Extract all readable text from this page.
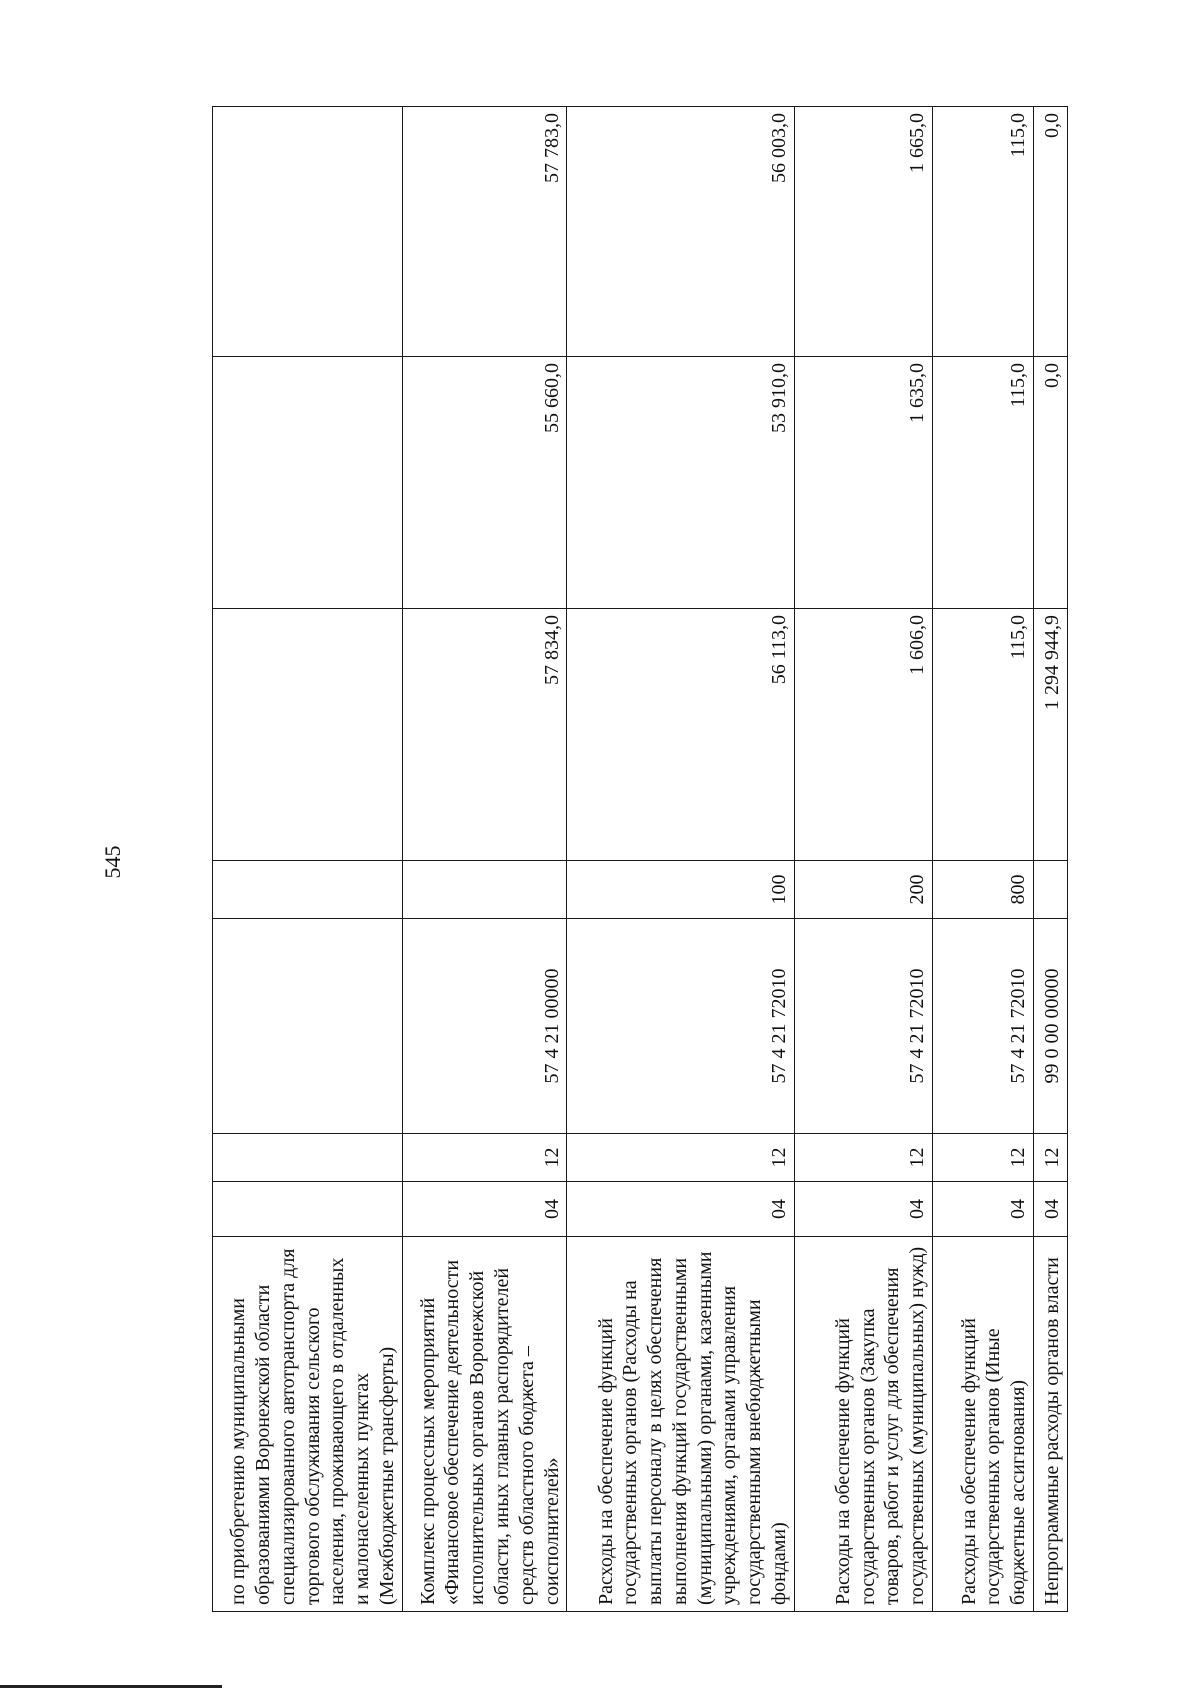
545
по приобретению муниципальными образованиями Воронежской области специализированного автотранспорта для торгового обслуживания сельского населения, проживающего в отдаленных и малонаселенных пунктах (Межбюджетные трансферты)							
Комплекс процессных мероприятий «Финансовое обеспечение деятельности исполнительных органов Воронежской области, иных главных распорядителей средств областного бюджета – соисполнителей»	04	12	57 4 21 00000		57 834,0	55 660,0	57 783,0
Расходы на обеспечение функций государственных органов (Расходы на выплаты персоналу в целях обеспечения выполнения функций государственными (муниципальными) органами, казенными учреждениями, органами управления государственными внебюджетными фондами)	04	12	57 4 21 72010	100	56 113,0	53 910,0	56 003,0
Расходы на обеспечение функций государственных органов (Закупка товаров, работ и услуг для обеспечения государственных (муниципальных) нужд)	04	12	57 4 21 72010	200	1 606,0	1 635,0	1 665,0
Расходы на обеспечение функций государственных органов (Иные бюджетные ассигнования)	04	12	57 4 21 72010	800	115,0	115,0	115,0
Непрограммные расходы органов власти	04	12	99 0 00 00000		1 294 944,9	0,0	0,0
